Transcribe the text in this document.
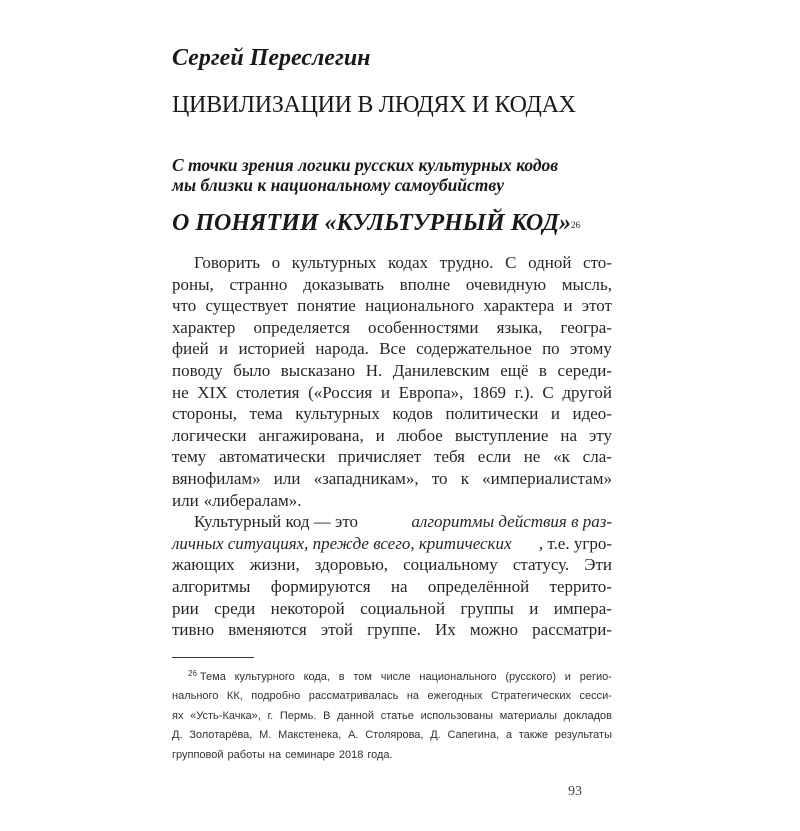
Сергей Переслегин
ЦИВИЛИЗАЦИИ В ЛЮДЯХ И КОДАХ
С точки зрения логики русских культурных кодов
мы близки к национальному самоубийству
О ПОНЯТИИ «КУЛЬТУРНЫЙ КОД»$^{26}$
Говорить о культурных кодах трудно. С одной сто-
роны, странно доказывать вполне очевидную мысль,
что существует понятие национального характера и этот
характер определяется особенностями языка, геогра-
фией и историей народа. Все содержательное по этому
поводу было высказано Н. Данилевским ещё в середи-
не XIX столетия («Россия и Европа», 1869 г.). С другой
стороны, тема культурных кодов политически и идео-
логически ангажирована, и любое выступление на эту
тему автоматически причисляет тебя если не «к сла-
вянофилам» или «западникам», то к «империалистам»
или «либералам».
Культурный код — это	алгоритмы действия в раз-
личных ситуациях, прежде всего, критических , т.е. угро-
жающих жизни, здоровью, социальному статусу. Эти
алгоритмы формируются на определённой террито-
рии среди некоторой социальной группы и импера-
тивно вменяются этой группе. Их можно рассматри-
26 Тема культурного кода, в том числе национального (русского) и регио-
нального КК, подробно рассматривалась на ежегодных Стратегических сесси-
ях «Усть-Качка», г. Пермь. В данной статье использованы материалы докладов
Д. Золотарёва, М. Макстенека, А. Столярова, Д. Сапегина, а также результаты
групповой работы на семинаре 2018 года.
93
